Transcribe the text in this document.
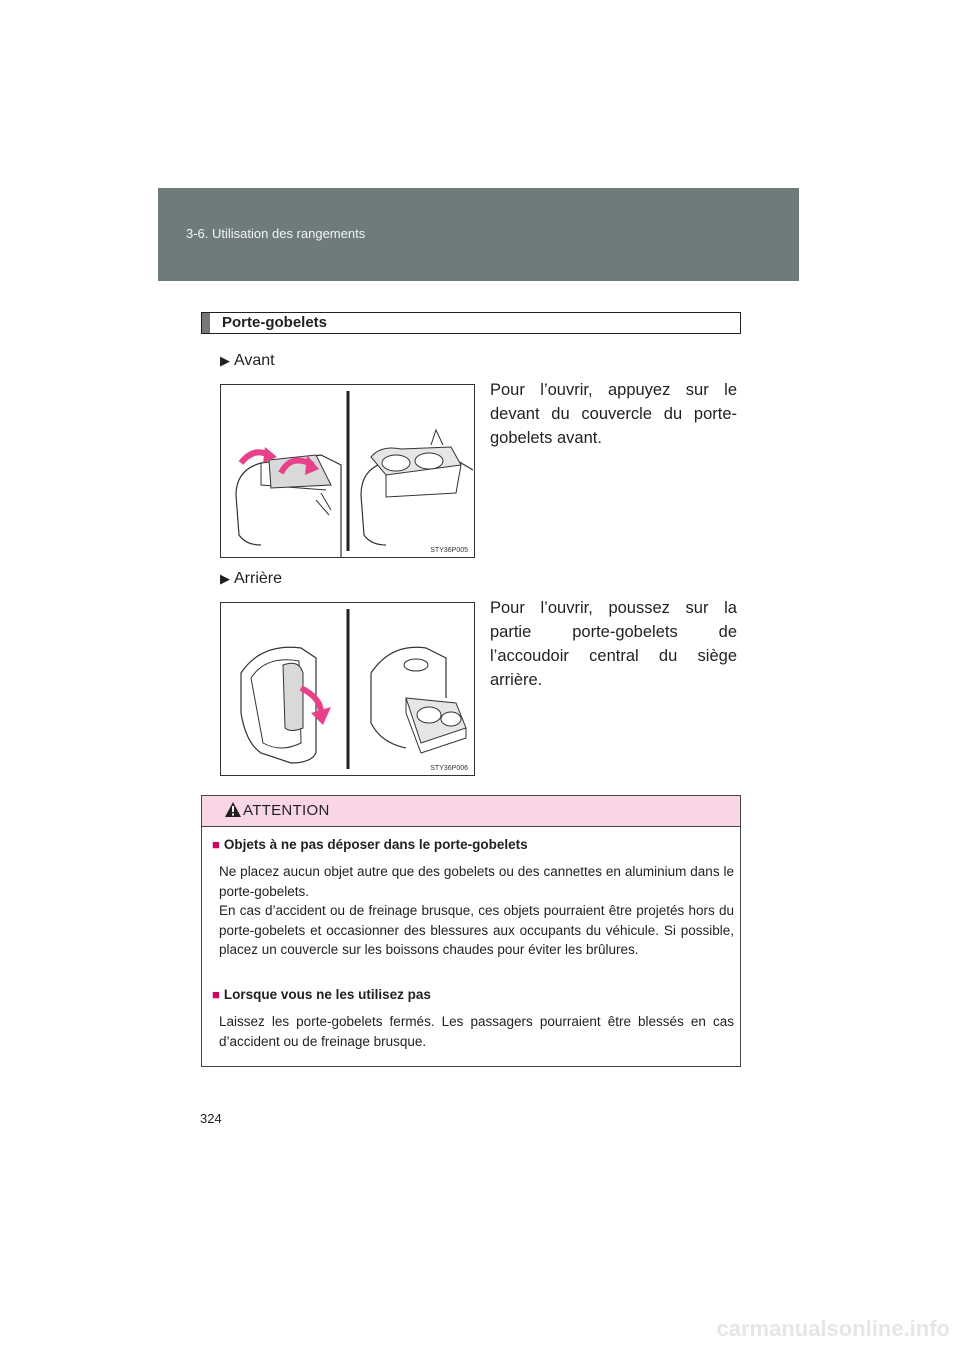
3-6. Utilisation des rangements
Porte-gobelets
▶ Avant
Pour l’ouvrir, appuyez sur le devant du couvercle du porte-gobelets avant.
STY36P005
▶ Arrière
Pour l’ouvrir, poussez sur la partie porte-gobelets de l’accoudoir central du siège arrière.
STY36P006
ATTENTION
■ Objets à ne pas déposer dans le porte-gobelets
Ne placez aucun objet autre que des gobelets ou des cannettes en aluminium dans le porte-gobelets.
En cas d’accident ou de freinage brusque, ces objets pourraient être projetés hors du porte-gobelets et occasionner des blessures aux occupants du véhicule. Si possible, placez un couvercle sur les boissons chaudes pour éviter les brûlures.
■ Lorsque vous ne les utilisez pas
Laissez les porte-gobelets fermés. Les passagers pourraient être blessés en cas d’accident ou de freinage brusque.
324
carmanualsonline.info
